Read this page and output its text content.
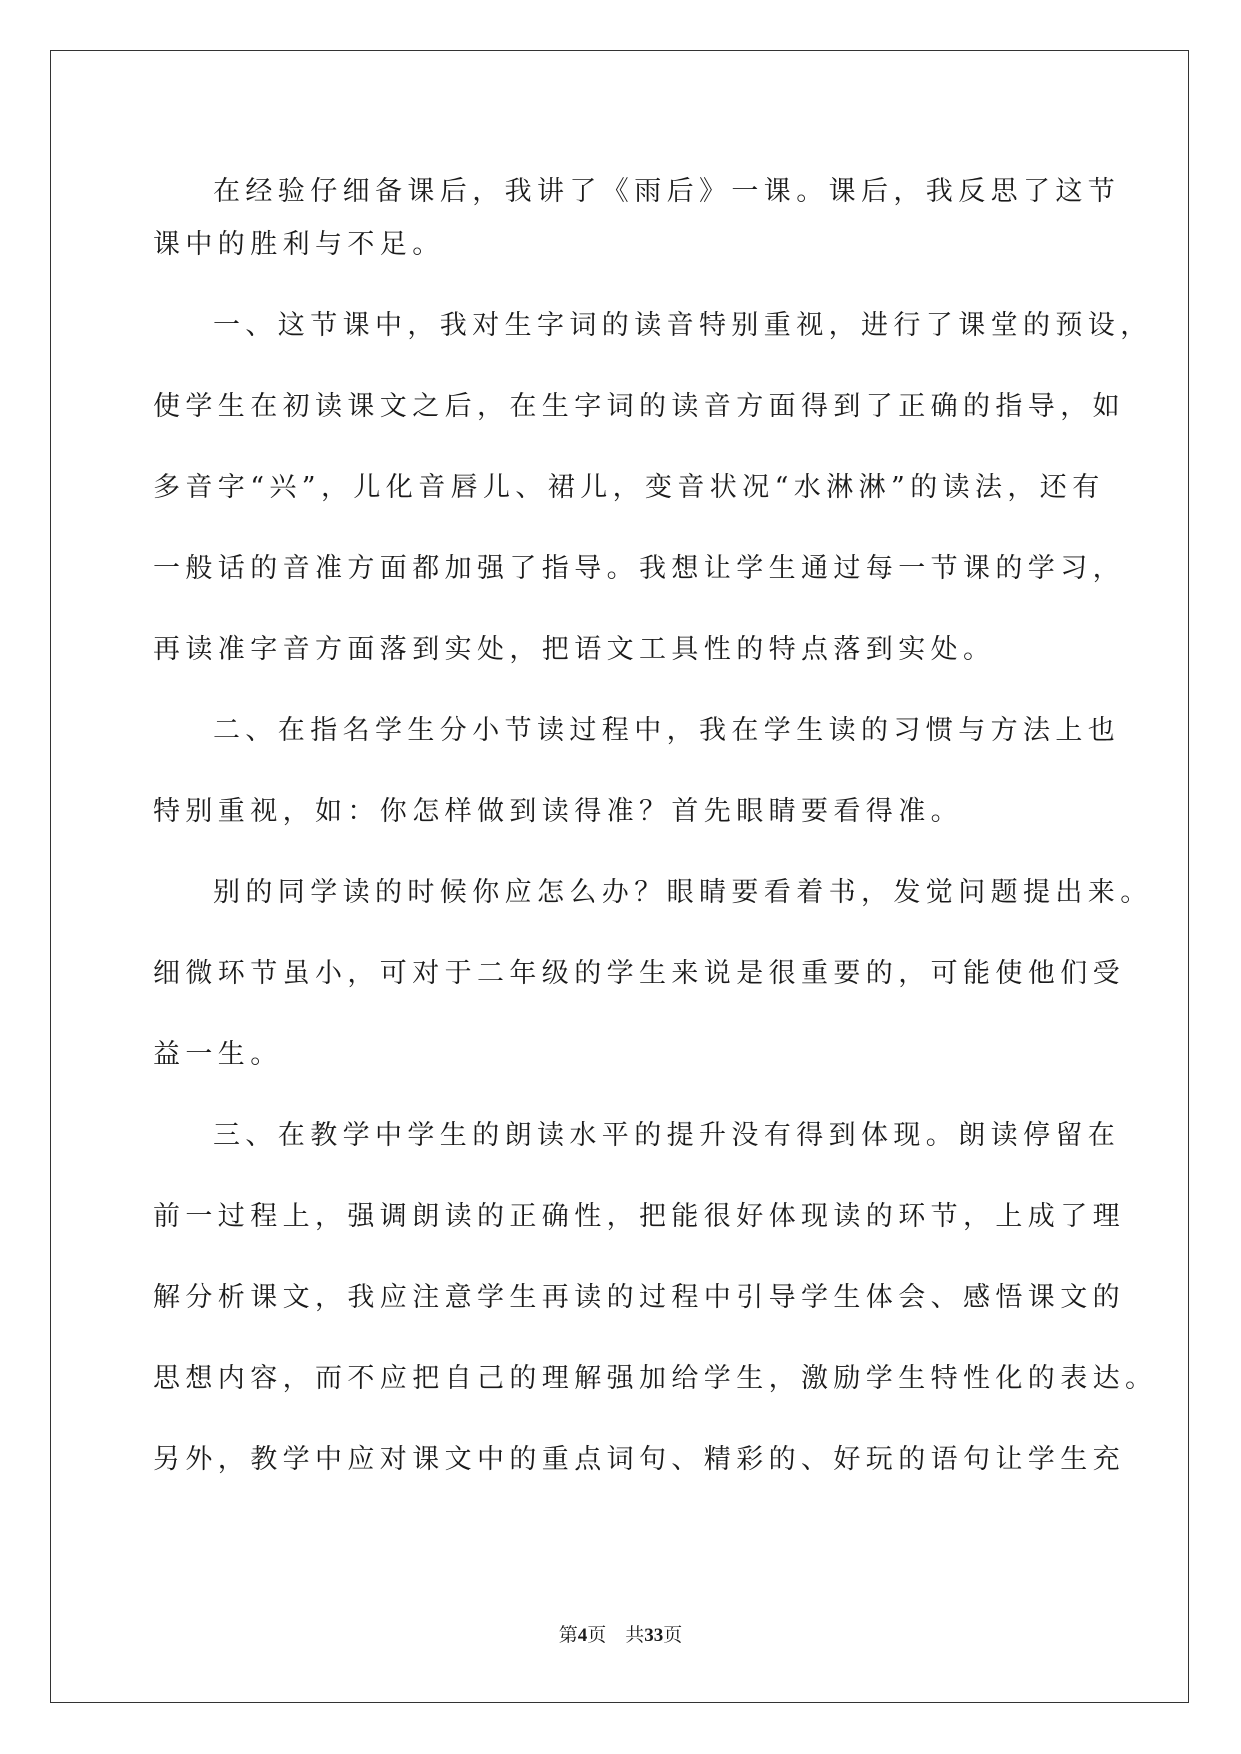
在经验仔细备课后，我讲了《雨后》一课。课后，我反思了这节
课中的胜利与不足。
一、这节课中，我对生字词的读音特别重视，进行了课堂的预设，
使学生在初读课文之后，在生字词的读音方面得到了正确的指导，如
多音字“兴”，儿化音唇儿、裙儿，变音状况“水淋淋”的读法，还有
一般话的音准方面都加强了指导。我想让学生通过每一节课的学习，
再读准字音方面落到实处，把语文工具性的特点落到实处。
二、在指名学生分小节读过程中，我在学生读的习惯与方法上也
特别重视，如：你怎样做到读得准？首先眼睛要看得准。
别的同学读的时候你应怎么办？眼睛要看着书，发觉问题提出来。
细微环节虽小，可对于二年级的学生来说是很重要的，可能使他们受
益一生。
三、在教学中学生的朗读水平的提升没有得到体现。朗读停留在
前一过程上，强调朗读的正确性，把能很好体现读的环节，上成了理
解分析课文，我应注意学生再读的过程中引导学生体会、感悟课文的
思想内容，而不应把自己的理解强加给学生，激励学生特性化的表达。
另外，教学中应对课文中的重点词句、精彩的、好玩的语句让学生充
第4页 共33页
